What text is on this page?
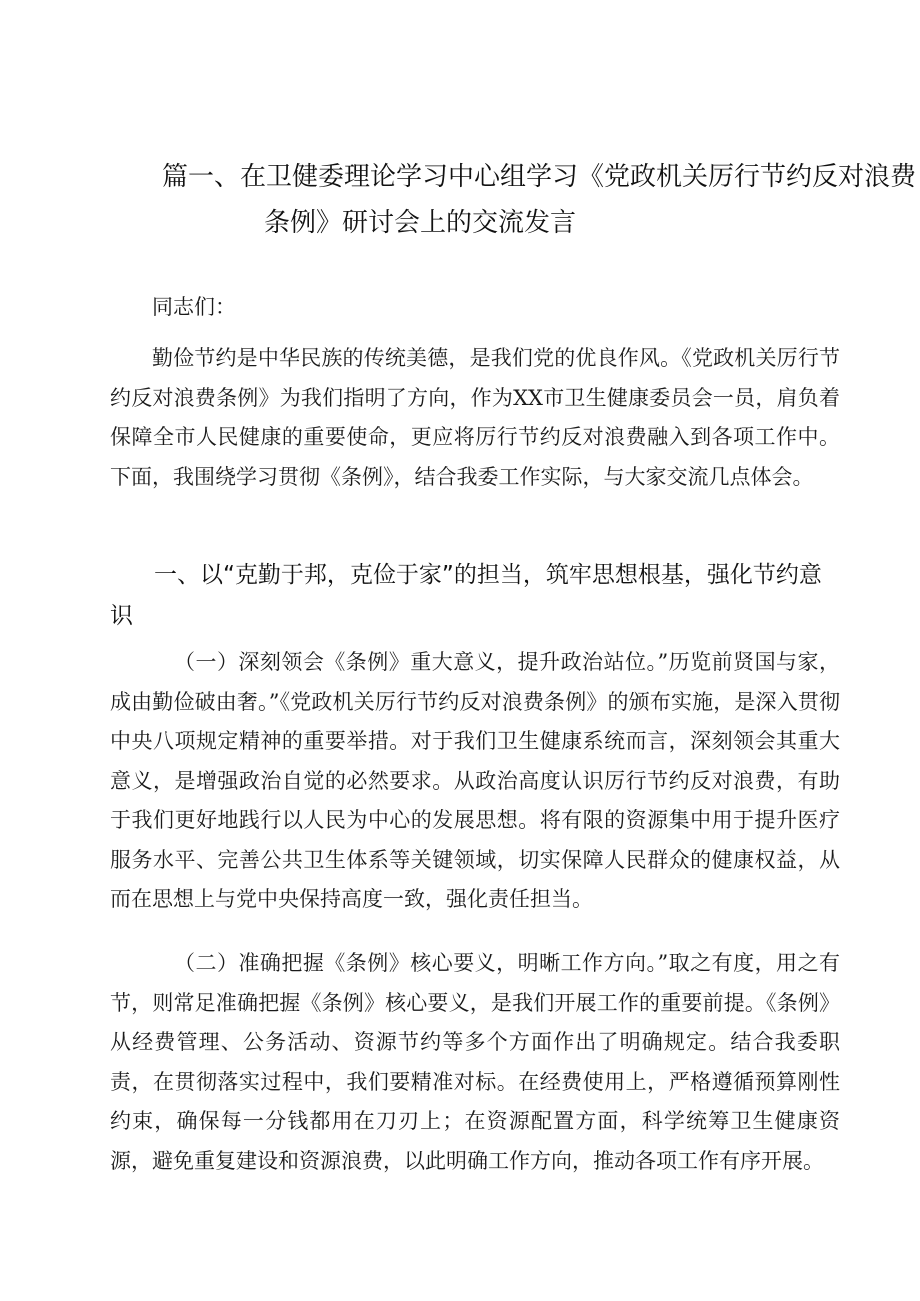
篇一、在卫健委理论学习中心组学习《党政机关厉行节约反对浪费
条例》研讨会上的交流发言

同志们：

勤俭节约是中华民族的传统美德，是我们党的优良作风。《党政机关厉行节约反对浪费条例》为我们指明了方向，作为XX市卫生健康委员会一员，肩负着保障全市人民健康的重要使命，更应将厉行节约反对浪费融入到各项工作中。下面，我围绕学习贯彻《条例》，结合我委工作实际，与大家交流几点体会。

一、以“克勤于邦，克俭于家”的担当，筑牢思想根基，强化节约意识

（一）深刻领会《条例》重大意义，提升政治站位。”历览前贤国与家，成由勤俭破由奢。”《党政机关厉行节约反对浪费条例》的颁布实施，是深入贯彻中央八项规定精神的重要举措。对于我们卫生健康系统而言，深刻领会其重大意义，是增强政治自觉的必然要求。从政治高度认识厉行节约反对浪费，有助于我们更好地践行以人民为中心的发展思想。将有限的资源集中用于提升医疗服务水平、完善公共卫生体系等关键领域，切实保障人民群众的健康权益，从而在思想上与党中央保持高度一致，强化责任担当。

（二）准确把握《条例》核心要义，明晰工作方向。”取之有度，用之有节，则常足准确把握《条例》核心要义，是我们开展工作的重要前提。《条例》从经费管理、公务活动、资源节约等多个方面作出了明确规定。结合我委职责，在贯彻落实过程中，我们要精准对标。在经费使用上，严格遵循预算刚性约束，确保每一分钱都用在刀刃上；在资源配置方面，科学统筹卫生健康资源，避免重复建设和资源浪费，以此明确工作方向，推动各项工作有序开展。
